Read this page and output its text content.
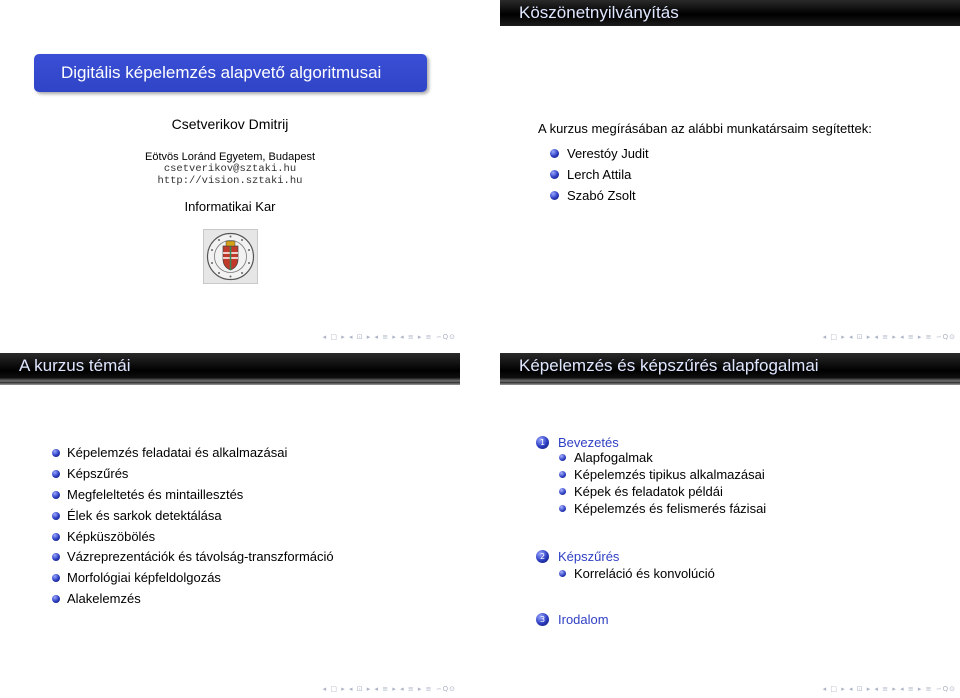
Digitális képelemzés alapvető algoritmusai
Csetverikov Dmitrij
Eötvös Loránd Egyetem, Budapest
csetverikov@sztaki.hu
http://vision.sztaki.hu
Informatikai Kar
◂ □ ▸ ◂ ⊡ ▸ ◂ ≡ ▸ ◂ ≡ ▸ ≡ ∽Q⊙
Köszönetnyilványítás
A kurzus megírásában az alábbi munkatársaim segítettek:
Verestóy Judit
Lerch Attila
Szabó Zsolt
◂ □ ▸ ◂ ⊡ ▸ ◂ ≡ ▸ ◂ ≡ ▸ ≡ ∽Q⊙
A kurzus témái
Képelemzés feladatai és alkalmazásai
Képszűrés
Megfeleltetés és mintaillesztés
Élek és sarkok detektálása
Képküszöbölés
Vázreprezentációk és távolság-transzformáció
Morfológiai képfeldolgozás
Alakelemzés
◂ □ ▸ ◂ ⊡ ▸ ◂ ≡ ▸ ◂ ≡ ▸ ≡ ∽Q⊙
Képelemzés és képszűrés alapfogalmai
1 Bevezetés
Alapfogalmak
Képelemzés tipikus alkalmazásai
Képek és feladatok példái
Képelemzés és felismerés fázisai
2 Képszűrés
Korreláció és konvolúció
3 Irodalom
◂ □ ▸ ◂ ⊡ ▸ ◂ ≡ ▸ ◂ ≡ ▸ ≡ ∽Q⊙
